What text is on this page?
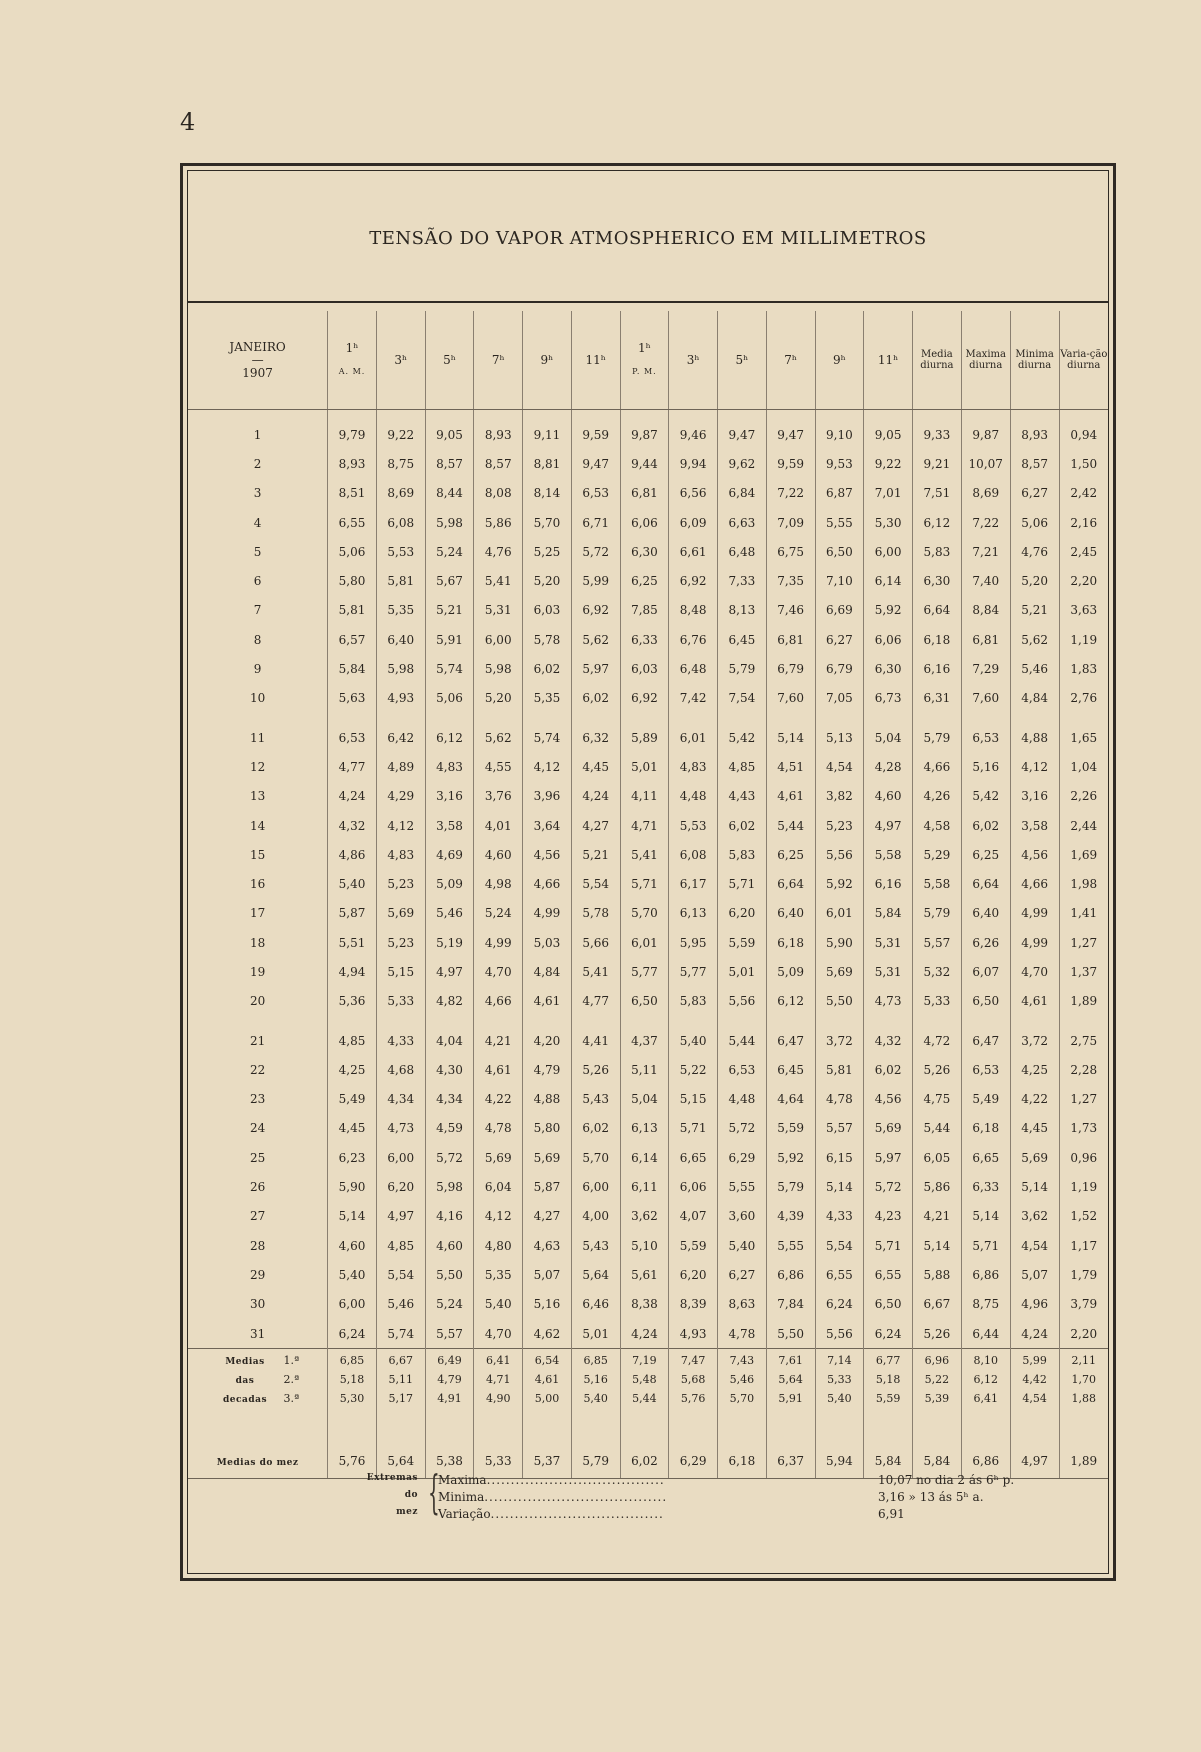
4
TENSÃO DO VAPOR ATMOSPHERICO EM MILLIMETROS
JANEIRO
—
1907	1ʰ
A. M.	3ʰ	5ʰ	7ʰ	9ʰ	11ʰ	1ʰ
P. M.	3ʰ	5ʰ	7ʰ	9ʰ	11ʰ	Media diurna	Maxima diurna	Minima diurna	Varia-ção diurna

1	9,79	9,22	9,05	8,93	9,11	9,59	9,87	9,46	9,47	9,47	9,10	9,05	9,33	9,87	8,93	0,94
2	8,93	8,75	8,57	8,57	8,81	9,47	9,44	9,94	9,62	9,59	9,53	9,22	9,21	10,07	8,57	1,50
3	8,51	8,69	8,44	8,08	8,14	6,53	6,81	6,56	6,84	7,22	6,87	7,01	7,51	8,69	6,27	2,42
4	6,55	6,08	5,98	5,86	5,70	6,71	6,06	6,09	6,63	7,09	5,55	5,30	6,12	7,22	5,06	2,16
5	5,06	5,53	5,24	4,76	5,25	5,72	6,30	6,61	6,48	6,75	6,50	6,00	5,83	7,21	4,76	2,45
6	5,80	5,81	5,67	5,41	5,20	5,99	6,25	6,92	7,33	7,35	7,10	6,14	6,30	7,40	5,20	2,20
7	5,81	5,35	5,21	5,31	6,03	6,92	7,85	8,48	8,13	7,46	6,69	5,92	6,64	8,84	5,21	3,63
8	6,57	6,40	5,91	6,00	5,78	5,62	6,33	6,76	6,45	6,81	6,27	6,06	6,18	6,81	5,62	1,19
9	5,84	5,98	5,74	5,98	6,02	5,97	6,03	6,48	5,79	6,79	6,79	6,30	6,16	7,29	5,46	1,83
10	5,63	4,93	5,06	5,20	5,35	6,02	6,92	7,42	7,54	7,60	7,05	6,73	6,31	7,60	4,84	2,76

11	6,53	6,42	6,12	5,62	5,74	6,32	5,89	6,01	5,42	5,14	5,13	5,04	5,79	6,53	4,88	1,65
12	4,77	4,89	4,83	4,55	4,12	4,45	5,01	4,83	4,85	4,51	4,54	4,28	4,66	5,16	4,12	1,04
13	4,24	4,29	3,16	3,76	3,96	4,24	4,11	4,48	4,43	4,61	3,82	4,60	4,26	5,42	3,16	2,26
14	4,32	4,12	3,58	4,01	3,64	4,27	4,71	5,53	6,02	5,44	5,23	4,97	4,58	6,02	3,58	2,44
15	4,86	4,83	4,69	4,60	4,56	5,21	5,41	6,08	5,83	6,25	5,56	5,58	5,29	6,25	4,56	1,69
16	5,40	5,23	5,09	4,98	4,66	5,54	5,71	6,17	5,71	6,64	5,92	6,16	5,58	6,64	4,66	1,98
17	5,87	5,69	5,46	5,24	4,99	5,78	5,70	6,13	6,20	6,40	6,01	5,84	5,79	6,40	4,99	1,41
18	5,51	5,23	5,19	4,99	5,03	5,66	6,01	5,95	5,59	6,18	5,90	5,31	5,57	6,26	4,99	1,27
19	4,94	5,15	4,97	4,70	4,84	5,41	5,77	5,77	5,01	5,09	5,69	5,31	5,32	6,07	4,70	1,37
20	5,36	5,33	4,82	4,66	4,61	4,77	6,50	5,83	5,56	6,12	5,50	4,73	5,33	6,50	4,61	1,89

21	4,85	4,33	4,04	4,21	4,20	4,41	4,37	5,40	5,44	6,47	3,72	4,32	4,72	6,47	3,72	2,75
22	4,25	4,68	4,30	4,61	4,79	5,26	5,11	5,22	6,53	6,45	5,81	6,02	5,26	6,53	4,25	2,28
23	5,49	4,34	4,34	4,22	4,88	5,43	5,04	5,15	4,48	4,64	4,78	4,56	4,75	5,49	4,22	1,27
24	4,45	4,73	4,59	4,78	5,80	6,02	6,13	5,71	5,72	5,59	5,57	5,69	5,44	6,18	4,45	1,73
25	6,23	6,00	5,72	5,69	5,69	5,70	6,14	6,65	6,29	5,92	6,15	5,97	6,05	6,65	5,69	0,96
26	5,90	6,20	5,98	6,04	5,87	6,00	6,11	6,06	5,55	5,79	5,14	5,72	5,86	6,33	5,14	1,19
27	5,14	4,97	4,16	4,12	4,27	4,00	3,62	4,07	3,60	4,39	4,33	4,23	4,21	5,14	3,62	1,52
28	4,60	4,85	4,60	4,80	4,63	5,43	5,10	5,59	5,40	5,55	5,54	5,71	5,14	5,71	4,54	1,17
29	5,40	5,54	5,50	5,35	5,07	5,64	5,61	6,20	6,27	6,86	6,55	6,55	5,88	6,86	5,07	1,79
30	6,00	5,46	5,24	5,40	5,16	6,46	8,38	8,39	8,63	7,84	6,24	6,50	6,67	8,75	4,96	3,79
31	6,24	5,74	5,57	4,70	4,62	5,01	4,24	4,93	4,78	5,50	5,56	6,24	5,26	6,44	4,24	2,20

Medias 1.ª	6,85	6,67	6,49	6,41	6,54	6,85	7,19	7,47	7,43	7,61	7,14	6,77	6,96	8,10	5,99	2,11
das 2.ª	5,18	5,11	4,79	4,71	4,61	5,16	5,48	5,68	5,46	5,64	5,33	5,18	5,22	6,12	4,42	1,70
decadas 3.ª	5,30	5,17	4,91	4,90	5,00	5,40	5,44	5,76	5,70	5,91	5,40	5,59	5,39	6,41	4,54	1,88
Medias do mez	5,76	5,64	5,38	5,33	5,37	5,79	6,02	6,29	6,18	6,37	5,94	5,84	5,84	6,86	4,97	1,89

Extremas
do
mez {
Maxima.....................................	10,07 no dia 2 ás 6ʰ p.
Minima......................................	3,16 » 13 ás 5ʰ a.
Variação....................................	6,91
